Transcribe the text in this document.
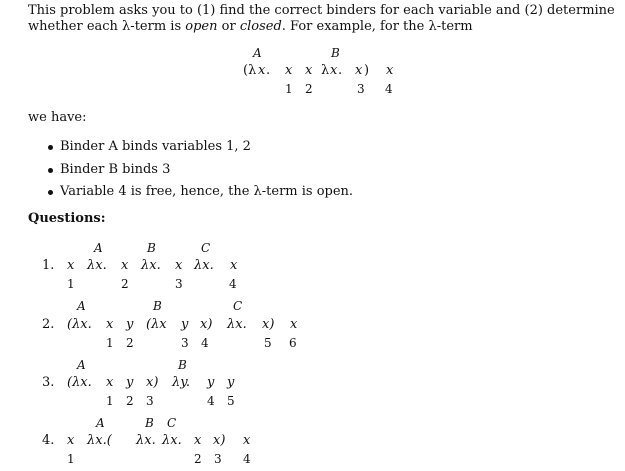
This problem asks you to (1) find the correct binders for each variable and (2) determine
whether each λ-term is open or closed. For example, for the λ-term
A	B
(λ x . x x λ x . x ) x
1 2	3 4
we have:
Binder A binds variables 1, 2
Binder B binds 3
Variable 4 is free, hence, the λ-term is open.
Questions:
A	B	C
1. x λx. x λx. x λx. x
1	2	3	4
A	B	C
2. (λx. x y (λx y x) λx. x) x
1 2	3 4	5 6
A	B
3. (λx. x y x) λy. y y
1 2 3	4 5
A	B C
4. x λx.( λx. λx. x x) x
1	2 3 4
